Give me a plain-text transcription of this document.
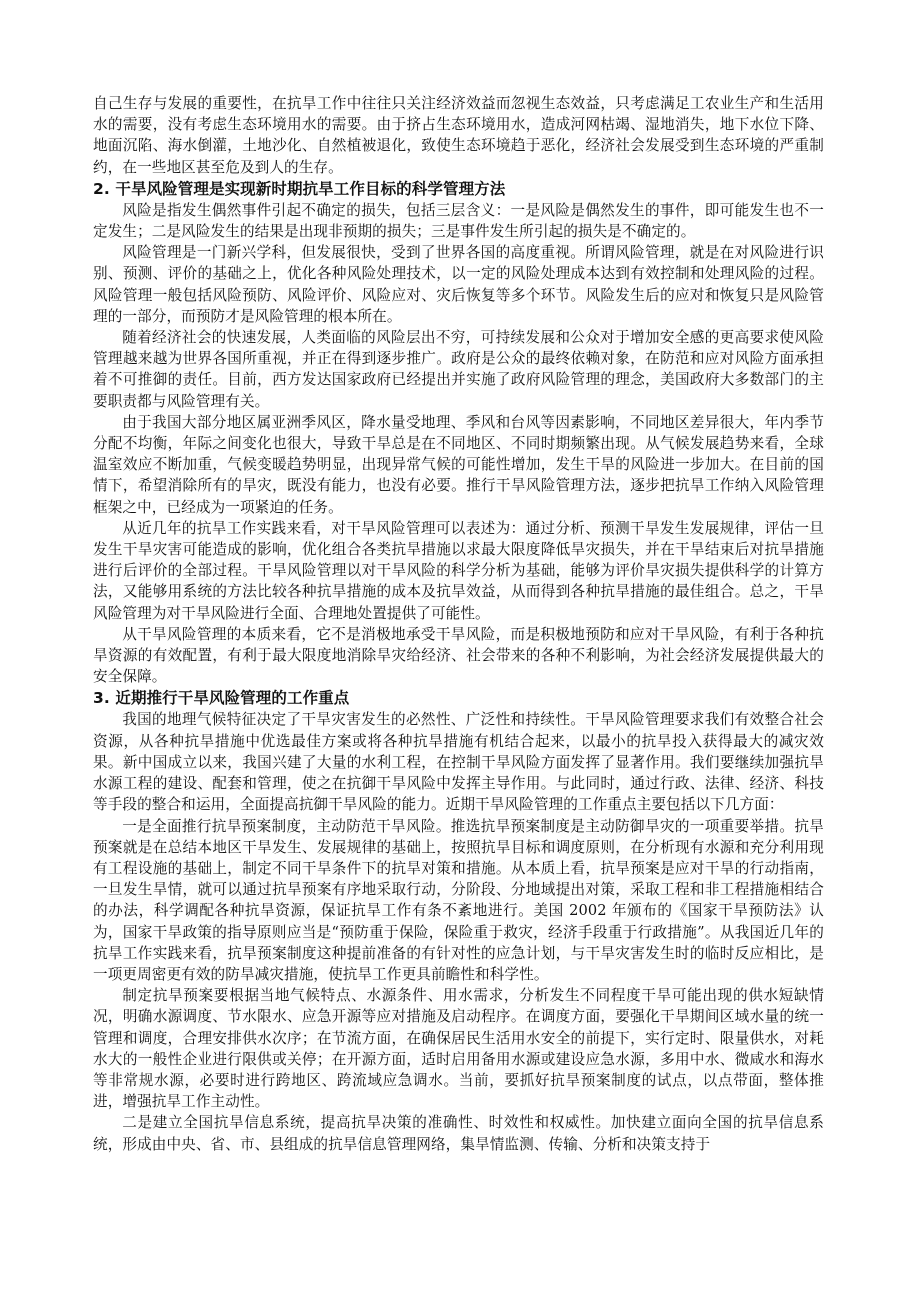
自己生存与发展的重要性，在抗旱工作中往往只关注经济效益而忽视生态效益，只考虑满足工农业生产和生活用水的需要，没有考虑生态环境用水的需要。由于挤占生态环境用水，造成河网枯竭、湿地消失，地下水位下降、地面沉陷、海水倒灌，土地沙化、自然植被退化，致使生态环境趋于恶化，经济社会发展受到生态环境的严重制约，在一些地区甚至危及到人的生存。

2. 干旱风险管理是实现新时期抗旱工作目标的科学管理方法

风险是指发生偶然事件引起不确定的损失，包括三层含义：一是风险是偶然发生的事件，即可能发生也不一定发生；二是风险发生的结果是出现非预期的损失；三是事件发生所引起的损失是不确定的。

风险管理是一门新兴学科，但发展很快，受到了世界各国的高度重视。所谓风险管理，就是在对风险进行识别、预测、评价的基础之上，优化各种风险处理技术，以一定的风险处理成本达到有效控制和处理风险的过程。风险管理一般包括风险预防、风险评价、风险应对、灾后恢复等多个环节。风险发生后的应对和恢复只是风险管理的一部分，而预防才是风险管理的根本所在。

随着经济社会的快速发展，人类面临的风险层出不穷，可持续发展和公众对于增加安全感的更高要求使风险管理越来越为世界各国所重视，并正在得到逐步推广。政府是公众的最终依赖对象，在防范和应对风险方面承担着不可推御的责任。目前，西方发达国家政府已经提出并实施了政府风险管理的理念，美国政府大多数部门的主要职责都与风险管理有关。

由于我国大部分地区属亚洲季风区，降水量受地理、季风和台风等因素影响，不同地区差异很大，年内季节分配不均衡，年际之间变化也很大，导致干旱总是在不同地区、不同时期频繁出现。从气候发展趋势来看，全球温室效应不断加重，气候变暖趋势明显，出现异常气候的可能性增加，发生干旱的风险进一步加大。在目前的国情下，希望消除所有的旱灾，既没有能力，也没有必要。推行干旱风险管理方法，逐步把抗旱工作纳入风险管理框架之中，已经成为一项紧迫的任务。

从近几年的抗旱工作实践来看，对干旱风险管理可以表述为：通过分析、预测干旱发生发展规律，评估一旦发生干旱灾害可能造成的影响，优化组合各类抗旱措施以求最大限度降低旱灾损失，并在干旱结束后对抗旱措施进行后评价的全部过程。干旱风险管理以对干旱风险的科学分析为基础，能够为评价旱灾损失提供科学的计算方法，又能够用系统的方法比较各种抗旱措施的成本及抗旱效益，从而得到各种抗旱措施的最佳组合。总之，干旱风险管理为对干旱风险进行全面、合理地处置提供了可能性。

从干旱风险管理的本质来看，它不是消极地承受干旱风险，而是积极地预防和应对干旱风险，有利于各种抗旱资源的有效配置，有利于最大限度地消除旱灾给经济、社会带来的各种不利影响，为社会经济发展提供最大的安全保障。

3. 近期推行干旱风险管理的工作重点

我国的地理气候特征决定了干旱灾害发生的必然性、广泛性和持续性。干旱风险管理要求我们有效整合社会资源，从各种抗旱措施中优选最佳方案或将各种抗旱措施有机结合起来，以最小的抗旱投入获得最大的减灾效果。新中国成立以来，我国兴建了大量的水利工程，在控制干旱风险方面发挥了显著作用。我们要继续加强抗旱水源工程的建设、配套和管理，使之在抗御干旱风险中发挥主导作用。与此同时，通过行政、法律、经济、科技等手段的整合和运用，全面提高抗御干旱风险的能力。近期干旱风险管理的工作重点主要包括以下几方面：

一是全面推行抗旱预案制度，主动防范干旱风险。推选抗旱预案制度是主动防御旱灾的一项重要举措。抗旱预案就是在总结本地区干旱发生、发展规律的基础上，按照抗旱目标和调度原则，在分析现有水源和充分利用现有工程设施的基础上，制定不同干旱条件下的抗旱对策和措施。从本质上看，抗旱预案是应对干旱的行动指南，一旦发生旱情，就可以通过抗旱预案有序地采取行动，分阶段、分地域提出对策，采取工程和非工程措施相结合的办法，科学调配各种抗旱资源，保证抗旱工作有条不紊地进行。美国 2002 年颁布的《国家干旱预防法》认为，国家干旱政策的指导原则应当是“预防重于保险，保险重于救灾，经济手段重于行政措施”。从我国近几年的抗旱工作实践来看，抗旱预案制度这种提前准备的有针对性的应急计划，与干旱灾害发生时的临时反应相比，是一项更周密更有效的防旱减灾措施，使抗旱工作更具前瞻性和科学性。

制定抗旱预案要根据当地气候特点、水源条件、用水需求，分析发生不同程度干旱可能出现的供水短缺情况，明确水源调度、节水限水、应急开源等应对措施及启动程序。在调度方面，要强化干旱期间区域水量的统一管理和调度，合理安排供水次序；在节流方面，在确保居民生活用水安全的前提下，实行定时、限量供水，对耗水大的一般性企业进行限供或关停；在开源方面，适时启用备用水源或建设应急水源，多用中水、微咸水和海水等非常规水源，必要时进行跨地区、跨流域应急调水。当前，要抓好抗旱预案制度的试点，以点带面，整体推进，增强抗旱工作主动性。

二是建立全国抗旱信息系统，提高抗旱决策的准确性、时效性和权威性。加快建立面向全国的抗旱信息系统，形成由中央、省、市、县组成的抗旱信息管理网络，集旱情监测、传输、分析和决策支持于
